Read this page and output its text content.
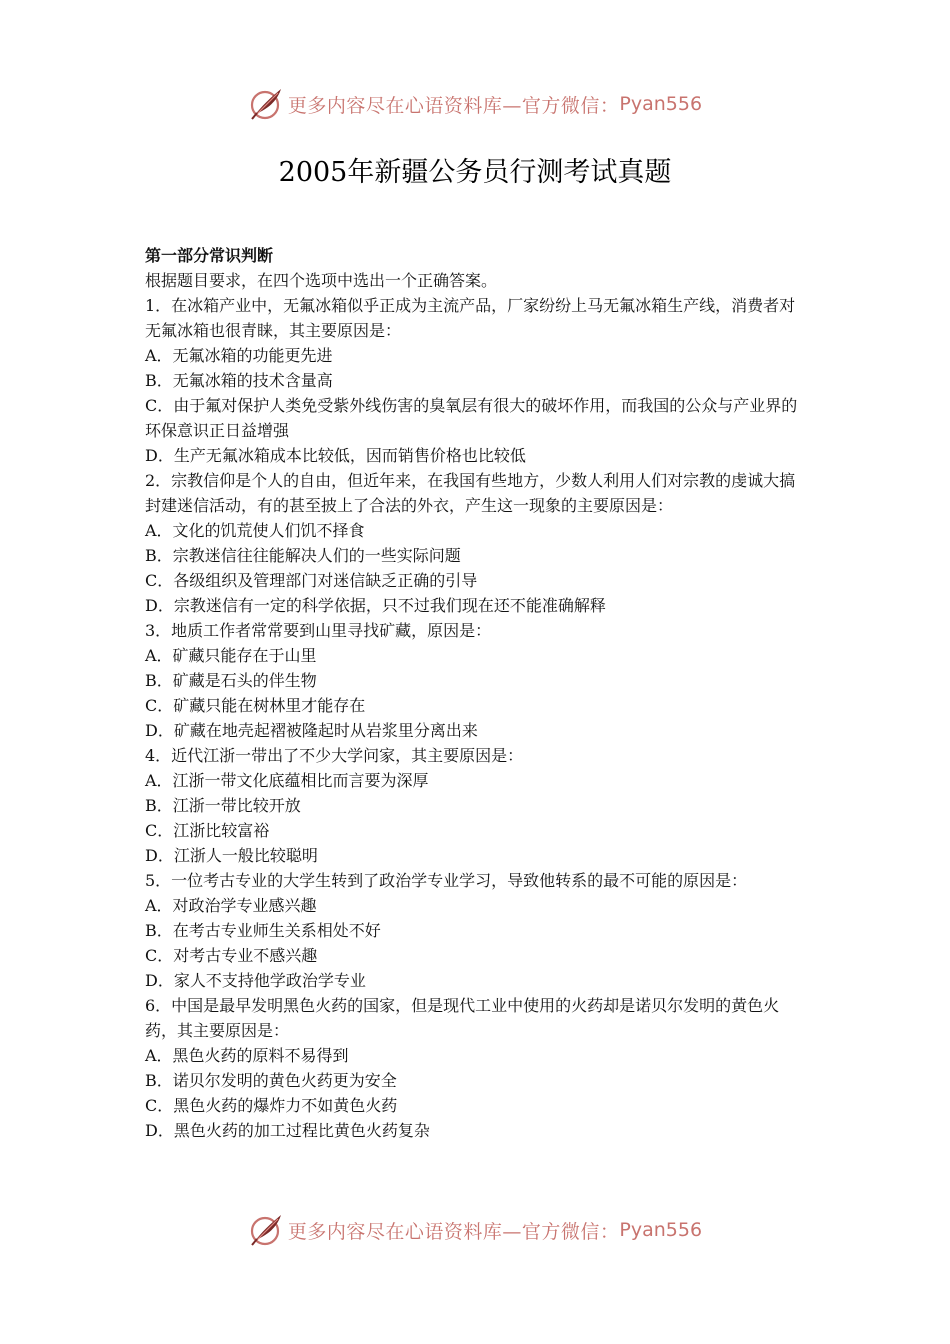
更多内容尽在心语资料库—官方微信： Pyan556
2005年新疆公务员行测考试真题
第一部分常识判断
根据题目要求，在四个选项中选出一个正确答案。
1．在冰箱产业中，无氟冰箱似乎正成为主流产品，厂家纷纷上马无氟冰箱生产线，消费者对无氟冰箱也很青睐，其主要原因是：
A．无氟冰箱的功能更先进
B．无氟冰箱的技术含量高
C．由于氟对保护人类免受紫外线伤害的臭氧层有很大的破坏作用，而我国的公众与产业界的环保意识正日益增强
D．生产无氟冰箱成本比较低，因而销售价格也比较低
2．宗教信仰是个人的自由，但近年来，在我国有些地方，少数人利用人们对宗教的虔诚大搞封建迷信活动，有的甚至披上了合法的外衣，产生这一现象的主要原因是：
A．文化的饥荒使人们饥不择食
B．宗教迷信往往能解决人们的一些实际问题
C．各级组织及管理部门对迷信缺乏正确的引导
D．宗教迷信有一定的科学依据，只不过我们现在还不能准确解释
3．地质工作者常常要到山里寻找矿藏，原因是：
A．矿藏只能存在于山里
B．矿藏是石头的伴生物
C．矿藏只能在树林里才能存在
D．矿藏在地壳起褶被隆起时从岩浆里分离出来
4．近代江浙一带出了不少大学问家，其主要原因是：
A．江浙一带文化底蕴相比而言要为深厚
B．江浙一带比较开放
C．江浙比较富裕
D．江浙人一般比较聪明
5．一位考古专业的大学生转到了政治学专业学习，导致他转系的最不可能的原因是：
A．对政治学专业感兴趣
B．在考古专业师生关系相处不好
C．对考古专业不感兴趣
D．家人不支持他学政治学专业
6．中国是最早发明黑色火药的国家，但是现代工业中使用的火药却是诺贝尔发明的黄色火药，其主要原因是：
A．黑色火药的原料不易得到
B．诺贝尔发明的黄色火药更为安全
C．黑色火药的爆炸力不如黄色火药
D．黑色火药的加工过程比黄色火药复杂
更多内容尽在心语资料库—官方微信： Pyan556
